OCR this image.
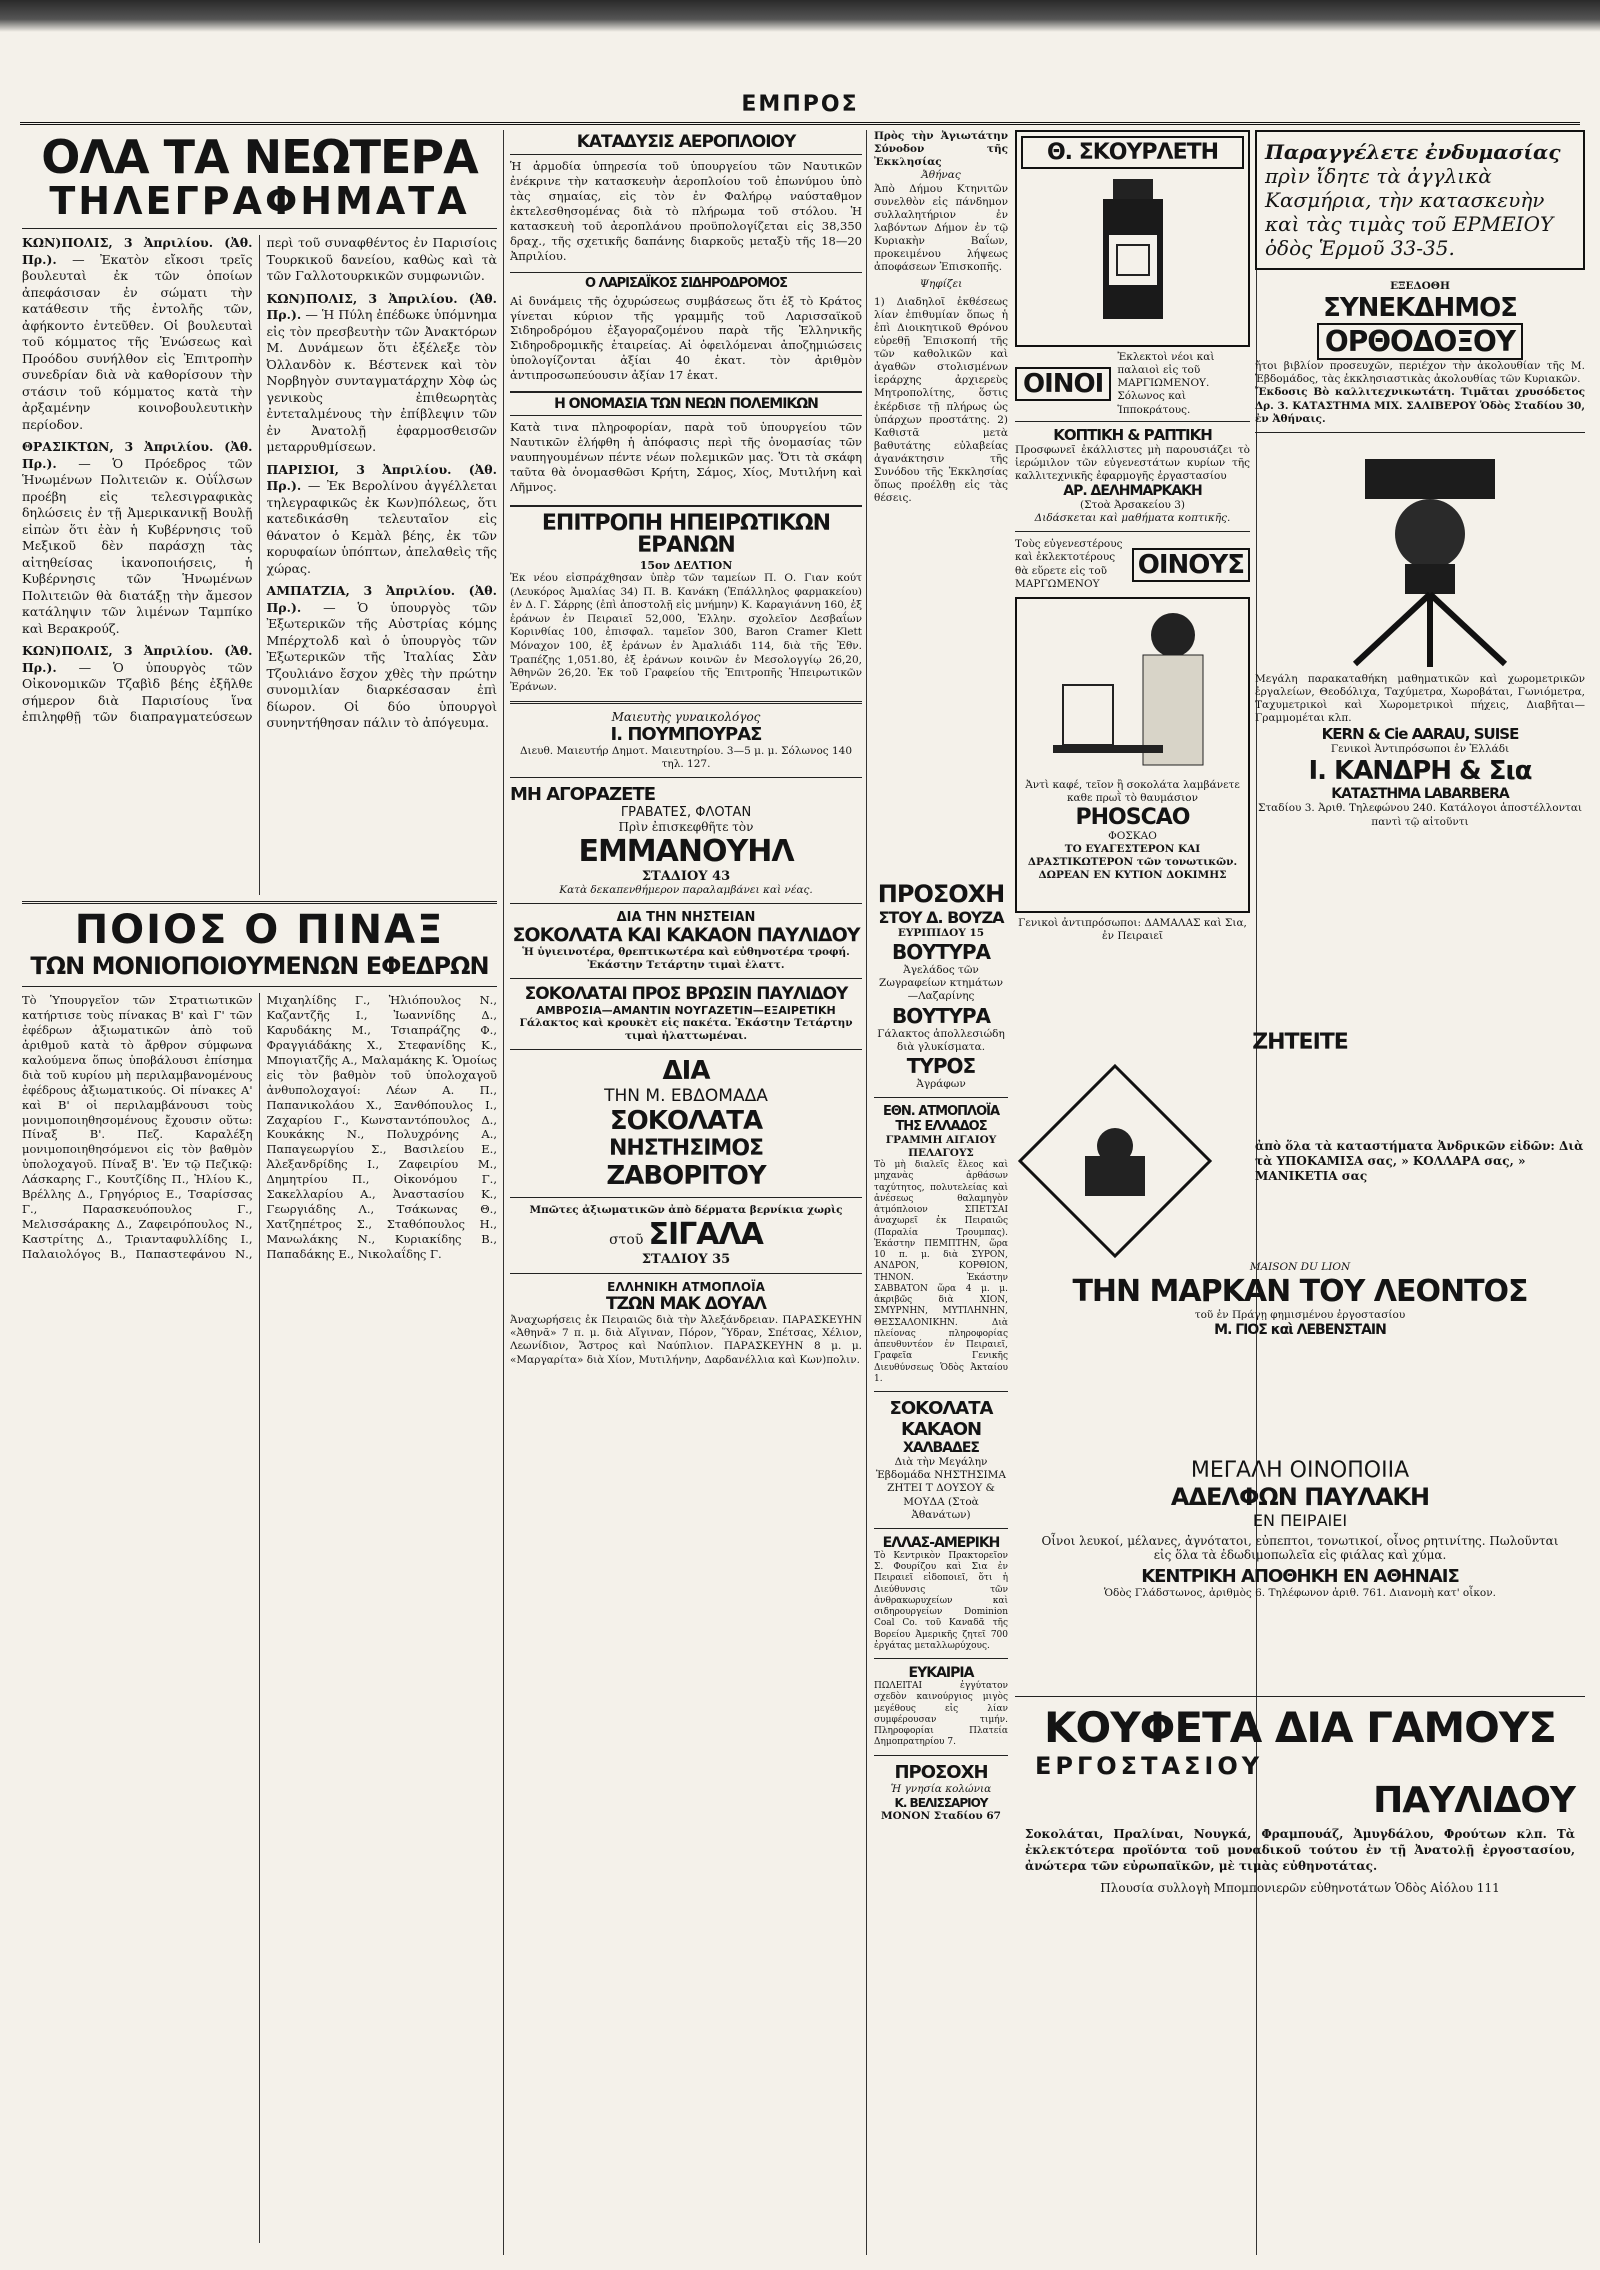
ΕΜΠΡΟΣ
ΟΛΑ ΤΑ ΝΕΩΤΕΡΑ
ΤΗΛΕΓΡΑΦΗΜΑΤΑ

ΚΩΝ)ΠΟΛΙΣ, 3 Ἀπριλίου. (Ἀθ. Πρ.). — Ἐκατὸν εἴκοσι τρεῖς βουλευταὶ ἐκ τῶν ὁποίων ἀπεφάσισαν ἐν σώματι τὴν κατάθεσιν τῆς ἐντολῆς τῶν, ἀφήκοντο ἐντεῦθεν. Οἱ βουλευταὶ τοῦ κόμματος τῆς Ἑνώσεως καὶ Προόδου συνήλθον εἰς Ἐπιτροπὴν συνεδρίαν διὰ νὰ καθορίσουν τὴν στάσιν τοῦ κόμματος κατὰ τὴν ἀρξαμένην κοινοβουλευτικὴν περίοδον.

ΘΡΑΣΙΚΤΩΝ, 3 Ἀπριλίου. (Ἀθ. Πρ.). — Ὁ Πρόεδρος τῶν Ἡνωμένων Πολιτειῶν κ. Οὐΐλσων προέβη εἰς τελεσιγραφικὰς δηλώσεις ἐν τῇ Ἀμερικανικῇ Βουλῇ εἰπὼν ὅτι ἐὰν ἡ Κυβέρνησις τοῦ Μεξικοῦ δὲν παράσχῃ τὰς αἰτηθείσας ἱκανοποιήσεις, ἡ Κυβέρνησις τῶν Ἡνωμένων Πολιτειῶν θὰ διατάξῃ τὴν ἄμεσον κατάληψιν τῶν λιμένων Ταμπίκο καὶ Βερακρούζ.

ΚΩΝ)ΠΟΛΙΣ, 3 Ἀπριλίου. (Ἀθ. Πρ.). — Ὁ ὑπουργὸς τῶν Οἰκονομικῶν Τζαβὶδ βέης ἐξῆλθε σήμερον διὰ Παρισίους ἵνα ἐπιληφθῇ τῶν διαπραγματεύσεων περὶ τοῦ συναφθέντος ἐν Παρισίοις Τουρκικοῦ δανείου, καθὼς καὶ τὰ τῶν Γαλλοτουρκικῶν συμφωνιῶν.

ΚΩΝ)ΠΟΛΙΣ, 3 Ἀπριλίου. (Ἀθ. Πρ.). — Ἡ Πύλη ἐπέδωκε ὑπόμνημα εἰς τὸν πρεσβευτὴν τῶν Ἀνακτόρων Μ. Δυνάμεων ὅτι ἐξέλεξε τὸν Ὀλλανδὸν κ. Βέστενεκ καὶ τὸν Νορβηγὸν συνταγματάρχην Χὸφ ὡς γενικοὺς ἐπιθεωρητὰς ἐντεταλμένους τὴν ἐπίβλεψιν τῶν ἐν Ἀνατολῇ ἐφαρμοσθεισῶν μεταρρυθμίσεων.

ΠΑΡΙΣΙΟΙ, 3 Ἀπριλίου. (Ἀθ. Πρ.). — Ἐκ Βερολίνου ἀγγέλλεται τηλεγραφικῶς ἐκ Κων)πόλεως, ὅτι κατεδικάσθη τελευταῖον εἰς θάνατον ὁ Κεμὰλ βέης, ἐκ τῶν κορυφαίων ὑπόπτων, ἀπελαθεὶς τῆς χώρας.

ΑΜΠΑΤΖΙΑ, 3 Ἀπριλίου. (Ἀθ. Πρ.). — Ὁ ὑπουργὸς τῶν Ἐξωτερικῶν τῆς Αὐστρίας κόμης Μπέρχτολδ καὶ ὁ ὑπουργὸς τῶν Ἐξωτερικῶν τῆς Ἰταλίας Σὰν Τζουλιάνο ἔσχον χθὲς τὴν πρώτην συνομιλίαν διαρκέσασαν ἐπὶ δίωρον. Οἱ δύο ὑπουργοὶ συνηντήθησαν πάλιν τὸ ἀπόγευμα.

ΠΟΙΟΣ Ο ΠΙΝΑΞ
ΤΩΝ ΜΟΝΙΟΠΟΙΟΥΜΕΝΩΝ ΕΦΕΔΡΩΝ

Τὸ Ὑπουργεῖον τῶν Στρατιωτικῶν κατήρτισε τοὺς πίνακας Β' καὶ Γ' τῶν ἐφέδρων ἀξιωματικῶν ἀπὸ τοῦ ἀριθμοῦ κατὰ τὸ ἄρθρον σύμφωνα καλούμενα ὅπως ὑποβάλουσι ἐπίσημα διὰ τοῦ κυρίου μὴ περιλαμβανομένους ἐφέδρους ἀξιωματικούς. Οἱ πίνακες Α' καὶ Β' οἱ περιλαμβάνουσι τοὺς μονιμοποιηθησομένους ἔχουσιν οὕτω: Πίναξ Β'. Πεζ. Καραλέξη μονιμοποιηθησόμενοι εἰς τὸν βαθμὸν ὑπολοχαγοῦ. Πίναξ Β'. Ἐν τῷ Πεζικῷ: Λάσκαρης Γ., Κουτζίδης Π., Ἠλίου Κ., Βρέλλης Δ., Γρηγόριος Ε., Τσαρίσσας Γ., Παρασκευόπουλος Γ., Μελισσάρακης Δ., Ζαφειρόπουλος Ν., Καστρίτης Δ., Τριανταφυλλίδης Ι., Παλαιολόγος Β., Παπαστεφάνου Ν., Μιχαηλίδης Γ., Ἠλιόπουλος Ν., Καζαντζῆς Ι., Ἰωαννίδης Δ., Καρυδάκης Μ., Τσιαπράζης Φ., Φραγγιάδάκης Χ., Στεφανίδης Κ., Μπογιατζῆς Α., Μαλαμάκης Κ. Ὁμοίως εἰς τὸν βαθμὸν τοῦ ὑπολοχαγοῦ ἀνθυπολοχαγοί: Λέων Α. Π., Παπανικολάου Χ., Ξανθόπουλος Ι., Ζαχαρίου Γ., Κωνσταντόπουλος Δ., Κουκάκης Ν., Πολυχρόνης Α., Παπαγεωργίου Σ., Βασιλείου Ε., Ἀλεξανδρίδης Ι., Ζαφειρίου Μ., Δημητρίου Π., Οἰκονόμου Γ., Σακελλαρίου Α., Ἀναστασίου Κ., Γεωργιάδης Λ., Τσάκωνας Θ., Χατζηπέτρος Σ., Σταθόπουλος Η., Μανωλάκης Ν., Κυριακίδης Β., Παπαδάκης Ε., Νικολαΐδης Γ.

ΚΑΤΑΔΥΣΙΣ ΑΕΡΟΠΛΟΙΟΥ

Ἡ ἁρμοδία ὑπηρεσία τοῦ ὑπουργείου τῶν Ναυτικῶν ἐνέκρινε τὴν κατασκευὴν ἀεροπλοίου τοῦ ἐπωνύμου ὑπὸ τὰς σημαίας, εἰς τὸν ἐν Φαλήρῳ ναύσταθμον ἐκτελεσθησομένας διὰ τὸ πλήρωμα τοῦ στόλου. Ἡ κατασκευὴ τοῦ ἀεροπλάνου προϋπολογίζεται εἰς 38,350 δραχ., τῆς σχετικῆς δαπάνης διαρκοῦς μεταξὺ τῆς 18—20 Ἀπριλίου.

Ο ΛΑΡΙΣΑΪΚΟΣ ΣΙΔΗΡΟΔΡΟΜΟΣ

Αἱ δυνάμεις τῆς ὀχυρώσεως συμβάσεως ὅτι ἐξ τὸ Κράτος γίνεται κύριον τῆς γραμμῆς τοῦ Λαρισσαϊκοῦ Σιδηροδρόμου ἐξαγοραζομένου παρὰ τῆς Ἑλληνικῆς Σιδηροδρομικῆς ἑταιρείας. Αἱ ὀφειλόμεναι ἀποζημιώσεις ὑπολογίζονται ἀξίαι 40 ἑκατ. τὸν ἀριθμὸν ἀντιπροσωπεύουσιν ἀξίαν 17 ἑκατ.

Η ΟΝΟΜΑΣΙΑ ΤΩΝ ΝΕΩΝ ΠΟΛΕΜΙΚΩΝ

Κατὰ τινα πληροφορίαν, παρὰ τοῦ ὑπουργείου τῶν Ναυτικῶν ἐλήφθη ἡ ἀπόφασις περὶ τῆς ὀνομασίας τῶν ναυπηγουμένων πέντε νέων πολεμικῶν μας. Ὅτι τὰ σκάφη ταῦτα θὰ ὀνομασθῶσι Κρήτη, Σάμος, Χίος, Μυτιλήνη καὶ Λῆμνος.

ΕΠΙΤΡΟΠΗ ΗΠΕΙΡΩΤΙΚΩΝ ΕΡΑΝΩΝ
15ον ΔΕΛΤΙΟΝ

Ἐκ νέου εἰσπράχθησαν ὑπὲρ τῶν ταμείων Π. Ο. Γιαν κούτ (Λευκόρος Ἀμαλίας 34) Π. Β. Κανάκη (Ἐπάλληλος φαρμακείου) ἐν Δ. Γ. Σάρρης (ἐπὶ ἀποστολῇ εἰς μνήμην) Κ. Καραγιάννη 160, ἐξ ἐράνων ἐν Πειραιεῖ 52,000, Ἐλλην. σχολεῖον Δεσβαΐων Κορινθίας 100, ἐπισφαλ. ταμεῖον 300, Baron Cramer Klett Μόναχον 100, ἐξ ἐράνων ἐν Ἀμαλιάδι 114, διὰ τῆς Ἐθν. Τραπέζης 1,051.80, ἐξ ἐράνων κοινῶν ἐν Μεσολογγίῳ 26,20, Ἀθηνῶν 26,20. Ἐκ τοῦ Γραφείου τῆς Ἐπιτροπῆς Ἠπειρωτικῶν Ἐράνων.

Μαιευτὴς γυναικολόγος
Ι. ΠΟΥΜΠΟΥΡΑΣ
Διευθ. Μαιευτήρ Δημοτ. Μαιευτηρίου. 3—5 μ. μ. Σόλωνος 140 τηλ. 127.
ΜΗ ΑΓΟΡΑΖΕΤΕ
ΓΡΑΒΑΤΕΣ, ΦΛΟΤΑΝ
Πρὶν ἐπισκεφθῆτε τὸν
ΕΜΜΑΝΟΥΗΛ
ΣΤΑΔΙΟΥ 43
Κατὰ δεκαπενθήμερον παραλαμβάνει καὶ νέας.
ΔΙΑ ΤΗΝ ΝΗΣΤΕΙΑΝ
ΣΟΚΟΛΑΤΑ ΚΑΙ ΚΑΚΑΟΝ ΠΑΥΛΙΔΟΥ
Ἡ ὑγιεινοτέρα, θρεπτικωτέρα καὶ εὐθηνοτέρα τροφή. Ἐκάστην Τετάρτην τιμαὶ ἐλαττ.
ΣΟΚΟΛΑΤΑΙ ΠΡΟΣ ΒΡΩΣΙΝ ΠΑΥΛΙΔΟΥ
ΑΜΒΡΟΣΙΑ—ΑΜΑΝΤΙΝ ΝΟΥΓΑΖΕΤΙΝ—ΕΞΑΙΡΕΤΙΚΗ
Γάλακτος καὶ κρουκὲτ εἰς πακέτα. Ἐκάστην Τετάρτην τιμαὶ ἠλαττωμέναι.
ΔΙΑ
ΤΗΝ Μ. ΕΒΔΟΜΑΔΑ
ΣΟΚΟΛΑΤΑ
ΝΗΣΤΗΣΙΜΟΣ
ΖΑΒΟΡΙΤΟΥ
Μπῶτες ἀξιωματικῶν ἀπὸ δέρματα βερνίκια χωρὶς
στοῦ ΣΙΓΑΛΑ
ΣΤΑΔΙΟΥ 35
ΕΛΛΗΝΙΚΗ ΑΤΜΟΠΛΟΪΑ
ΤΖΩΝ ΜΑΚ ΔΟΥΑΛ

Ἀναχωρήσεις ἐκ Πειραιῶς διὰ τὴν Ἀλεξάνδρειαν. ΠΑΡΑΣΚΕΥΗΝ «Ἀθηνᾶ» 7 π. μ. διὰ Αἴγιναν, Πόρον, Ὕδραν, Σπέτσας, Χέλιον, Λεωνίδιον, Ἄστρος καὶ Ναύπλιον. ΠΑΡΑΣΚΕΥΗΝ 8 μ. μ. «Μαργαρίτα» διὰ Χίον, Μυτιλήνην, Δαρδανέλλια καὶ Κων)πολιν.

Θ. ΣΚΟΥΡΛΕΤΗ
ΟΙΝΟΙ
Ἐκλεκτοὶ νέοι καὶ παλαιοὶ εἰς τοῦ ΜΑΡΓΙΩΜΕΝΟΥ. Σόλωνος καὶ Ἱπποκράτους.
ΚΟΠΤΙΚΗ & ΡΑΠΤΙΚΗ

Προσφωνεῖ ἐκάλλιστες μὴ παρουσιάζει τὸ ἱερώμιλον τῶν εὐγενεστάτων κυρίων τῆς καλλιτεχνικῆς ἐφαρμογῆς ἐργαστασίου

ΑΡ. ΔΕΛΗΜΑΡΚΑΚΗ
(Στοὰ Ἀρσακείου 3)
Διδάσκεται καὶ μαθήματα κοπτικῆς.
Τοὺς εὐγενεστέρους καὶ ἐκλεκτοτέρους θὰ εὕρετε εἰς τοῦ ΜΑΡΓΩΜΕΝΟΥ
ΟΙΝΟΥΣ
Ἀντὶ καφέ, τεῖον ἢ σοκολάτα λαμβάνετε καθε πρωῒ τὸ θαυμάσιον
PHOSCAO
ΦΟΣΚΑΟ
ΤΟ ΕΥΑΓΕΣΤΕΡΟΝ ΚΑΙ ΔΡΑΣΤΙΚΩΤΕΡΟΝ τῶν τονωτικῶν.
ΔΩΡΕΑΝ ΕΝ ΚΥΤΙΟΝ ΔΟΚΙΜΗΣ
Γενικοὶ ἀντιπρόσωποι: ΔΑΜΑΛΑΣ καὶ Σια, ἐν Πειραιεῖ

Πρὸς τὴν Ἀγιωτάτην Σύνοδον τῆς Ἐκκλησίας

Ἀθήνας

Ἀπὸ Δήμου Κτηνιτῶν συνελθὸν εἰς πάνδημον συλλαλητήριον ἐν λαβόντων Δήμον ἐν τῷ Κυριακὴν Βαΐων, προκειμένου λήψεως ἀποφάσεων Ἐπισκοπῆς.

Ψηφίζει

1) Διαδηλοῖ ἐκθέσεως λίαν ἐπιθυμίαν ὅπως ἡ ἐπὶ Διοικητικοῦ Θρόνου εὑρεθῇ Ἐπισκοπή τῆς τῶν καθολικῶν καὶ ἀγαθῶν στολισμένων ἱεράρχης ἀρχιερεὺς Μητροπολίτης, ὅστις ἐκέρδισε τῇ πλήρως ὡς ὑπάρχων προστάτης. 2) Καθιστᾶ μετὰ βαθυτάτης εὐλαβείας ἀγανάκτησιν τῆς Συνόδου τῆς Ἐκκλησίας ὅπως προέλθῃ εἰς τὰς θέσεις.

ΠΡΟΣΟΧΗ
ΣΤΟΥ Δ. ΒΟΥΖΑ
ΕΥΡΙΠΙΔΟΥ 15
ΒΟΥΤΥΡΑ
Ἀγελάδος τῶν Ζωγραφείων κτημάτων—Λαζαρίνης
ΒΟΥΤΥΡΑ
Γάλακτος ἀπολλεσιώδη διὰ γλυκίσματα.
ΤΥΡΟΣ
Ἀγράφων
ΕΘΝ. ΑΤΜΟΠΛΟΪΑ
ΤΗΣ ΕΛΛΑΔΟΣ
ΓΡΑΜΜΗ ΑΙΓΑΙΟΥ ΠΕΛΑΓΟΥΣ

Τὸ μὴ διαλεῖς ἔλεος καὶ μηχανὰς ἀρθάσων ταχύτητος, πολυτελείας καὶ ἀνέσεως θαλαμηγὸν ἀτμόπλοιον ΣΠΕΤΣΑΙ ἀναχωρεῖ ἐκ Πειραιῶς (Παραλία Τρουμπας). Ἑκάστην ΠΕΜΠΤΗΝ, ὥρα 10 π. μ. διὰ ΣΥΡΟΝ, ΑΝΔΡΟΝ, ΚΟΡΘΙΟΝ, ΤΗΝΟΝ. Ἑκάστην ΣΑΒΒΑΤΟΝ ὥρα 4 μ. μ. ἀκριβῶς διὰ ΧΙΟΝ, ΣΜΥΡΝΗΝ, ΜΥΤΙΛΗΝΗΝ, ΘΕΣΣΑΛΟΝΙΚΗΝ. Διὰ πλείονας πληροφορίας ἀπευθυντέον ἐν Πειραιεῖ, Γραφεῖα Γενικῆς Διευθύνσεως Ὁδὸς Ἀκταίου 1.

ΣΟΚΟΛΑΤΑ ΚΑΚΑΟΝ
ΧΑΛΒΑΔΕΣ
Διὰ τὴν Μεγάλην Ἑβδομάδα ΝΗΣΤΗΣΙΜΑ ΖΗΤΕΙ Τ ΔΟΥΣΟΥ & ΜΟΥΔΑ (Στοὰ Ἀθανάτων)
ΕΛΛΑΣ-ΑΜΕΡΙΚΗ

Τὸ Κεντρικὸν Πρακτορεῖον Σ. Φουρίζου καὶ Σια ἐν Πειραιεῖ εἰδοποιεῖ, ὅτι ἡ Διεύθυνσις τῶν ἀνθρακωρυχείων καὶ σιδηρουργείων Dominion Coal Co. τοῦ Καναδᾶ τῆς Βορείου Ἀμερικῆς ζητεῖ 700 ἐργάτας μεταλλωρύχους.

ΕΥΚΑΙΡΙΑ

ΠΩΛΕΙΤΑΙ ἐγγύτατον σχεδὸν καινούργιος μιγὸς μεγέθους εἰς λίαν συμφέρουσαν τιμήν. Πληροφορίαι Πλατεία Δημοπρατηρίου 7.

ΠΡΟΣΟΧΗ
Ἡ γνησία κολώνια
Κ. ΒΕΛΙΣΣΑΡΙΟΥ
ΜΟΝΟΝ Σταδίου 67
Παραγγέλετε ἐνδυμασίας
πρὶν ἴδητε τὰ ἀγγλικὰ Κασμήρια, τὴν κατασκευὴν καὶ τὰς τιμὰς τοῦ ΕΡΜΕΙΟΥ ὁδὸς Ἑρμοῦ 33-35.
ΕΞΕΔΟΘΗ
ΣΥΝΕΚΔΗΜΟΣ
ΟΡΘΟΔΟΞΟΥ

ἤτοι βιβλίον προσευχῶν, περιέχον τὴν ἀκολουθίαν τῆς Μ. Ἑβδομάδος, τὰς ἐκκλησιαστικὰς ἀκολουθίας τῶν Κυριακῶν.

Ἔκδοσις Βὸ καλλιτεχνικωτάτη. Τιμᾶται χρυσόδετος Δρ. 3. ΚΑΤΑΣΤΗΜΑ ΜΙΧ. ΣΑΛΙΒΕΡΟΥ Ὁδὸς Σταδίου 30, ἐν Ἀθήναις.

Μεγάλη παρακαταθήκη μαθηματικῶν καὶ χωρομετρικῶν ἐργαλείων, Θεοδόλιχα, Ταχύμετρα, Χωροβάται, Γωνιόμετρα, Ταχυμετρικοὶ καὶ Χωρομετρικοὶ πήχεις, Διαβῆται—Γραμμομέται κλπ.

KERN & Cie AARAU, SUISE
Γενικοὶ Ἀντιπρόσωποι ἐν Ἑλλάδι
Ι. ΚΑΝΔΡΗ & Σια
ΚΑΤΑΣΤΗΜΑ LABARBERA
Σταδίου 3. Ἀριθ. Τηλεφώνου 240. Κατάλογοι ἀποστέλλονται παντὶ τῷ αἰτοῦντι
ΖΗΤΕΙΤΕ
ἀπὸ ὅλα τὰ καταστήματα Ἀνδρικῶν εἰδῶν: Διὰ τὰ ΥΠΟΚΑΜΙΣΑ σας, » ΚΟΛΛΑΡΑ σας, » ΜΑΝΙΚΕΤΙΑ σας
MAISON DU LION
ΤΗΝ ΜΑΡΚΑΝ ΤΟΥ ΛΕΟΝΤΟΣ
τοῦ ἐν Πράγῃ φημισμένου ἐργοστασίου
Μ. ΓΙΟΣ καὶ ΛΕΒΕΝΣΤΑΙΝ
ΜΕΓΑΛΗ ΟΙΝΟΠΟΙΙΑ
ΑΔΕΛΦΩΝ ΠΑΥΛΑΚΗ
ΕΝ ΠΕΙΡΑΙΕΙ

Οἶνοι λευκοί, μέλανες, ἀγνότατοι, εὐπεπτοι, τονωτικοί, οἶνος ρητινίτης. Πωλοῦνται εἰς ὅλα τὰ ἐδωδιμοπωλεῖα εἰς φιάλας καὶ χύμα.

ΚΕΝΤΡΙΚΗ ΑΠΟΘΗΚΗ ΕΝ ΑΘΗΝΑΙΣ
Ὁδὸς Γλάδστωνος, ἀριθμὸς 6. Τηλέφωνον ἀριθ. 761. Διανομὴ κατ' οἶκον.
ΚΟΥΦΕΤΑ ΔΙΑ ΓΑΜΟΥΣ
ΕΡΓΟΣΤΑΣΙΟΥ
ΠΑΥΛΙΔΟΥ

Σοκολάται, Πραλίναι, Νουγκά, Φραμπουάζ, Ἀμυγδάλου, Φρούτων κλπ. Τὰ ἐκλεκτότερα προϊόντα τοῦ μοναδικοῦ τούτου ἐν τῇ Ἀνατολῇ ἐργοστασίου, ἀνώτερα τῶν εὐρωπαϊκῶν, μὲ τιμὰς εὐθηνοτάτας.

Πλουσία συλλογὴ Μπομπονιερῶν εὐθηνοτάτων Ὁδὸς Αἰόλου 111
